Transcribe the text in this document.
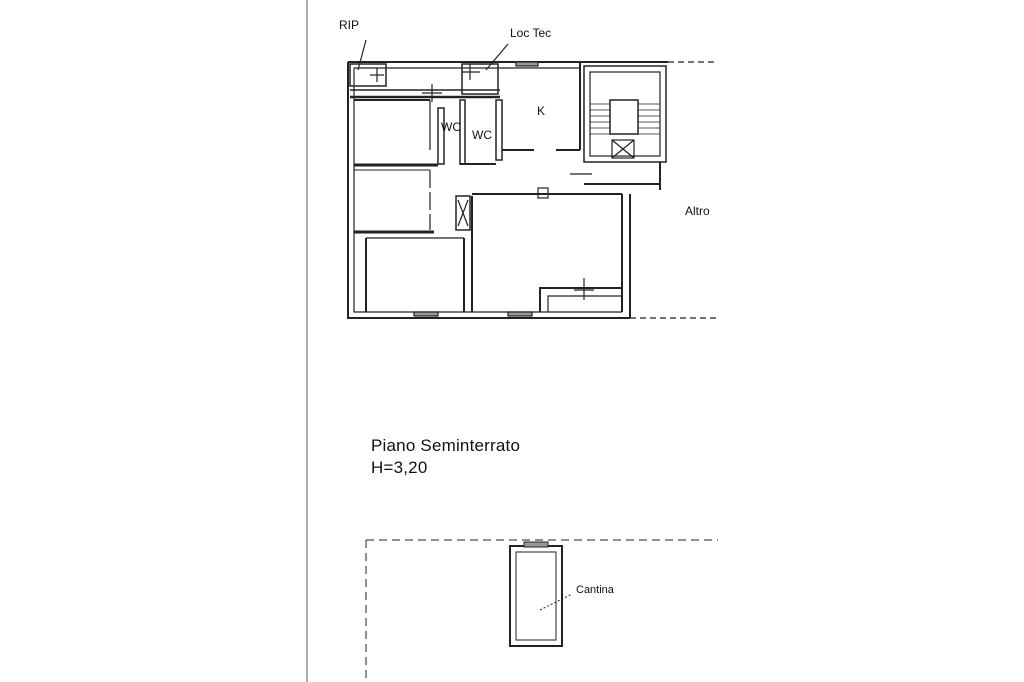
RIP
Loc Tec
K
WC
WC
Altro
Piano Seminterrato
H=3,20
Cantina
